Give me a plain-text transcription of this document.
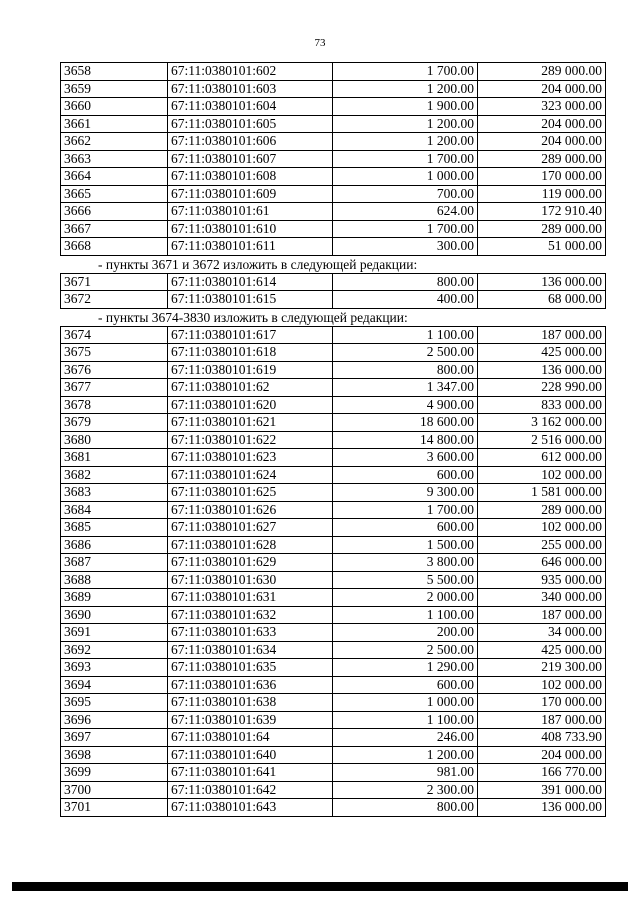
73
3658	67:11:0380101:602	1 700.00	289 000.00
3659	67:11:0380101:603	1 200.00	204 000.00
3660	67:11:0380101:604	1 900.00	323 000.00
3661	67:11:0380101:605	1 200.00	204 000.00
3662	67:11:0380101:606	1 200.00	204 000.00
3663	67:11:0380101:607	1 700.00	289 000.00
3664	67:11:0380101:608	1 000.00	170 000.00
3665	67:11:0380101:609	700.00	119 000.00
3666	67:11:0380101:61	624.00	172 910.40
3667	67:11:0380101:610	1 700.00	289 000.00
3668	67:11:0380101:611	300.00	51 000.00
- пункты 3671 и 3672 изложить в следующей редакции:
3671	67:11:0380101:614	800.00	136 000.00
3672	67:11:0380101:615	400.00	68 000.00
- пункты 3674-3830 изложить в следующей редакции:
3674	67:11:0380101:617	1 100.00	187 000.00
3675	67:11:0380101:618	2 500.00	425 000.00
3676	67:11:0380101:619	800.00	136 000.00
3677	67:11:0380101:62	1 347.00	228 990.00
3678	67:11:0380101:620	4 900.00	833 000.00
3679	67:11:0380101:621	18 600.00	3 162 000.00
3680	67:11:0380101:622	14 800.00	2 516 000.00
3681	67:11:0380101:623	3 600.00	612 000.00
3682	67:11:0380101:624	600.00	102 000.00
3683	67:11:0380101:625	9 300.00	1 581 000.00
3684	67:11:0380101:626	1 700.00	289 000.00
3685	67:11:0380101:627	600.00	102 000.00
3686	67:11:0380101:628	1 500.00	255 000.00
3687	67:11:0380101:629	3 800.00	646 000.00
3688	67:11:0380101:630	5 500.00	935 000.00
3689	67:11:0380101:631	2 000.00	340 000.00
3690	67:11:0380101:632	1 100.00	187 000.00
3691	67:11:0380101:633	200.00	34 000.00
3692	67:11:0380101:634	2 500.00	425 000.00
3693	67:11:0380101:635	1 290.00	219 300.00
3694	67:11:0380101:636	600.00	102 000.00
3695	67:11:0380101:638	1 000.00	170 000.00
3696	67:11:0380101:639	1 100.00	187 000.00
3697	67:11:0380101:64	246.00	408 733.90
3698	67:11:0380101:640	1 200.00	204 000.00
3699	67:11:0380101:641	981.00	166 770.00
3700	67:11:0380101:642	2 300.00	391 000.00
3701	67:11:0380101:643	800.00	136 000.00
